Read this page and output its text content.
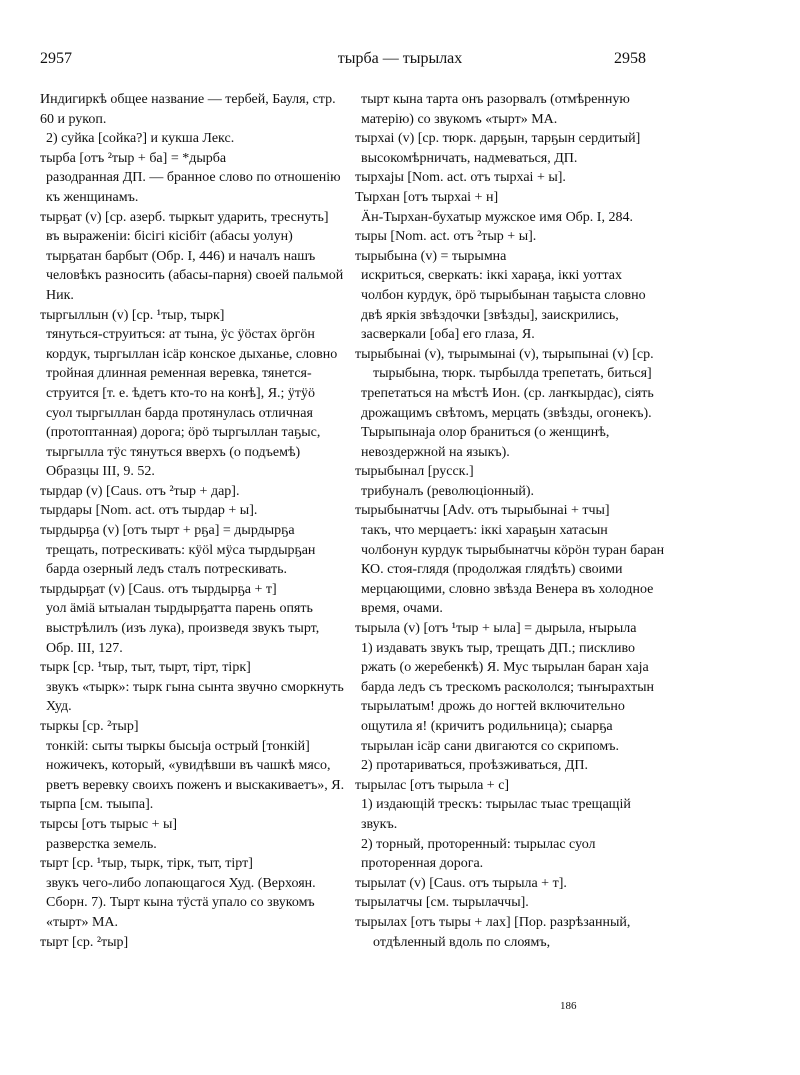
2957	тырба — тырылах	2958

Индигиркѣ общее название — тербей, Бауля, стр. 60 и рукоп.

2) суйка [сойка?] и кукша Лекс.

тырба [отъ ²тыр + ба] = *дырба

разодранная ДП. — бранное слово по отношенію къ женщинамъ.

тырҕат (v) [ср. азерб. тыркыт ударить, треснуть]

въ выраженіи: бісігі кісібіт (абасы уолун) тырҕатан барбыт (Обр. I, 446) и началъ нашъ человѣкъ разносить (абасы-парня) своей пальмой Ник.

тыргыллын (v) [ср. ¹тыр, тырк]

тянуться-струиться: ат тына, ÿс ÿöстах öргöн кордук, тыргыллан iсäр конское дыханье, словно тройная длинная ременная веревка, тянется-струится [т. е. ѣдетъ кто-то на конѣ], Я.; ÿтÿö суол тыргыллан барда протянулась отличная (протоптанная) дорога; öрö тыргыллан таҕыс, тыргылла тÿс тянуться вверхъ (о подъемѣ) Образцы III, 9. 52.

тырдар (v) [Caus. отъ ²тыр + дар].

тырдары [Nom. act. отъ тырдар + ы].

тырдырҕа (v) [отъ тырт + рҕа] = дырдырҕа

трещать, потрескивать: кÿöl мÿса тырдырҕан барда озерный ледъ сталъ потрескивать.

тырдырҕат (v) [Caus. отъ тырдырҕа + т]

уол äмiä ытыалан тырдырҕатта парень опять выстрѣлилъ (изъ лука), произведя звукъ тырт, Обр. III, 127.

тырк [ср. ¹тыр, тыт, тырт, тiрт, тiрк]

звукъ «тырк»: тырк гына сынта звучно сморкнуть Худ.

тыркы [ср. ²тыр]

тонкiй: сыты тыркы бысыја острый [тонкiй] ножичекъ, который, «увидѣвши въ чашкѣ мясо, рветъ веревку своихъ поженъ и выскакиваетъ», Я.

тырпа [см. тыыпа].

тырсы [отъ тырыс + ы]

разверстка земель.

тырт [ср. ¹тыр, тырк, тiрк, тыт, тiрт]

звукъ чего-либо лопающагося Худ. (Верхоян. Сборн. 7). Тырт кына тÿстä упало со звукомъ «тырт» МА.

тырт [ср. ²тыр]

тырт кына тарта онъ разорвалъ (отмѣренную матерію) со звукомъ «тырт» МА.

тырхаi (v) [ср. тюрк. дарҕын, тарҕын сердитый]

высокомѣрничать, надмеваться, ДП.

тырхајы [Nom. act. отъ тырхаi + ы].

Тырхан [отъ тырхаi + н]

Äн-Тырхан-бухатыр мужское имя Обр. I, 284.

тыры [Nom. act. отъ ²тыр + ы].

тырыбына (v) = тырымна

искриться, сверкать: iккi хараҕа, iккi уоттах чолбон курдук, öрö тырыбынан таҕыста словно двѣ яркія звѣздочки [звѣзды], заискрились, засверкали [оба] его глаза, Я.

тырыбынаi (v), тырымынаi (v), тырыпынаi (v) [ср. тырыбына, тюрк. тырбылда трепетать, биться]

трепетаться на мѣстѣ Ион. (ср. лаҥкырдас), сiять дрожащимъ свѣтомъ, мерцать (звѣзды, огонекъ). Тырыпынаја олор браниться (о женщинѣ, невоздержной на языкъ).

тырыбынал [русск.]

трибуналъ (революціонный).

тырыбынатчы [Adv. отъ тырыбынаi + тчы]

такъ, что мерцаетъ: iккi хараҕын хатасын чолбонун курдук тырыбынатчы кöрöн туран баран КО. стоя-глядя (продолжая глядѣть) своими мерцающими, словно звѣзда Венера въ холодное время, очами.

тырыла (v) [отъ ¹тыр + ыла] = дырыла, ҥырыла

1) издавать звукъ тыр, трещать ДП.; пискливо ржать (о жеребенкѣ) Я. Мус тырылан баран хаја барда ледъ съ трескомъ раскололся; тыҥырахтын тырылатым! дрожь до ногтей включительно ощутила я! (кричитъ родильница); сыарҕа тырылан iсäр сани двигаются со скрипомъ.

2) протариваться, проѣзживаться, ДП.

тырылас [отъ тырыла + с]

1) издающiй трескъ: тырылас тыас трещащiй звукъ.

2) торный, проторенный: тырылас суол проторенная дорога.

тырылат (v) [Caus. отъ тырыла + т].

тырылатчы [см. тырылаччы].

тырылах [отъ тыры + лах] [Пор. разрѣзанный, отдѣленный вдоль по слоямъ,

186
